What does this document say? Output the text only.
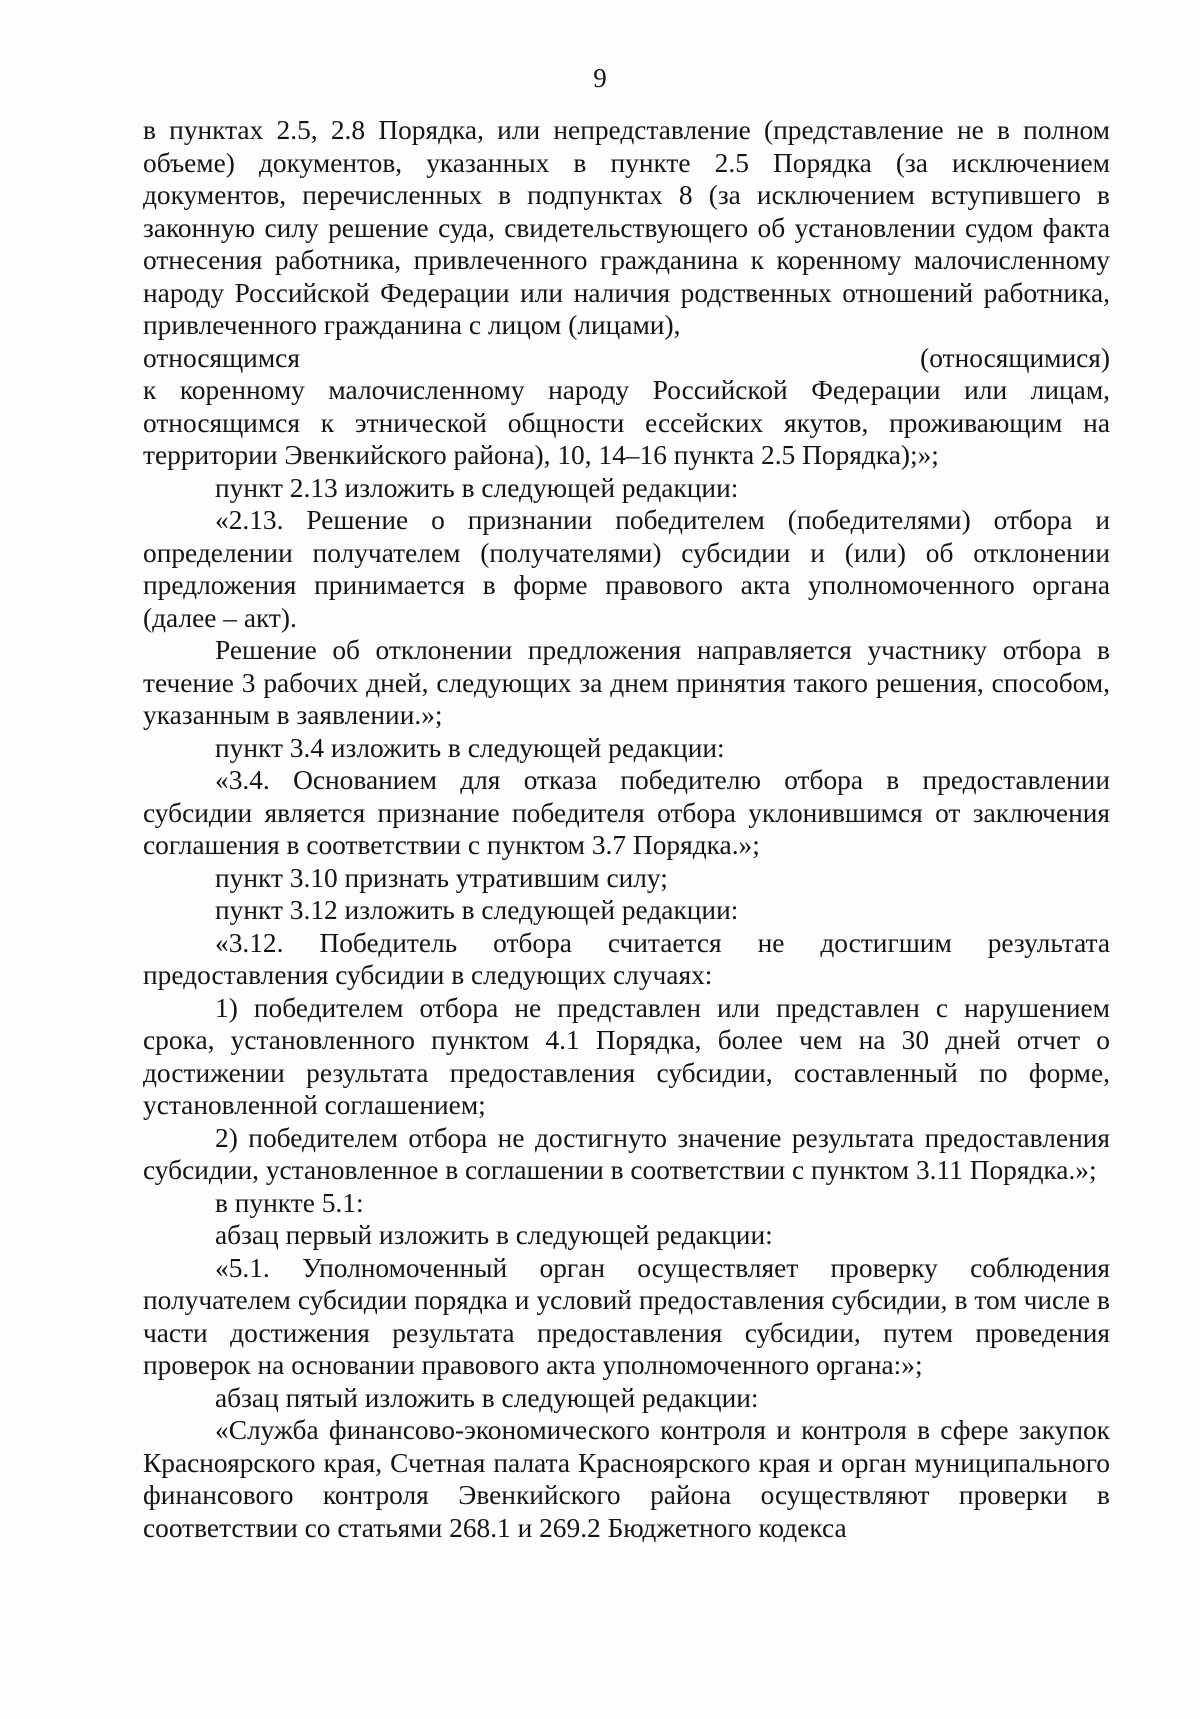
9

в пунктах 2.5, 2.8 Порядка, или непредставление (представление не в полном объеме) документов, указанных в пункте 2.5 Порядка (за исключением документов, перечисленных в подпунктах 8 (за исключением вступившего в законную силу решение суда, свидетельствующего об установлении судом факта отнесения работника, привлеченного гражданина к коренному малочисленному народу Российской Федерации или наличия родственных отношений работника, привлеченного гражданина с лицом (лицами),

относящимся (относящимися)

к коренному малочисленному народу Российской Федерации или лицам, относящимся к этнической общности ессейских якутов, проживающим на территории Эвенкийского района), 10, 14–16 пункта 2.5 Порядка);»;

пункт 2.13 изложить в следующей редакции:

«2.13. Решение о признании победителем (победителями) отбора и определении получателем (получателями) субсидии и (или) об отклонении предложения принимается в форме правового акта уполномоченного органа (далее – акт).

Решение об отклонении предложения направляется участнику отбора в течение 3 рабочих дней, следующих за днем принятия такого решения, способом, указанным в заявлении.»;

пункт 3.4 изложить в следующей редакции:

«3.4. Основанием для отказа победителю отбора в предоставлении субсидии является признание победителя отбора уклонившимся от заключения соглашения в соответствии с пунктом 3.7 Порядка.»;

пункт 3.10 признать утратившим силу;

пункт 3.12 изложить в следующей редакции:

«3.12. Победитель отбора считается не достигшим результата предоставления субсидии в следующих случаях:

1) победителем отбора не представлен или представлен с нарушением срока, установленного пунктом 4.1 Порядка, более чем на 30 дней отчет о достижении результата предоставления субсидии, составленный по форме, установленной соглашением;

2) победителем отбора не достигнуто значение результата предоставления субсидии, установленное в соглашении в соответствии с пунктом 3.11 Порядка.»;

в пункте 5.1:

абзац первый изложить в следующей редакции:

«5.1. Уполномоченный орган осуществляет проверку соблюдения получателем субсидии порядка и условий предоставления субсидии, в том числе в части достижения результата предоставления субсидии, путем проведения проверок на основании правового акта уполномоченного органа:»;

абзац пятый изложить в следующей редакции:

«Служба финансово-экономического контроля и контроля в сфере закупок Красноярского края, Счетная палата Красноярского края и орган муниципального финансового контроля Эвенкийского района осуществляют проверки в соответствии со статьями 268.1 и 269.2 Бюджетного кодекса
